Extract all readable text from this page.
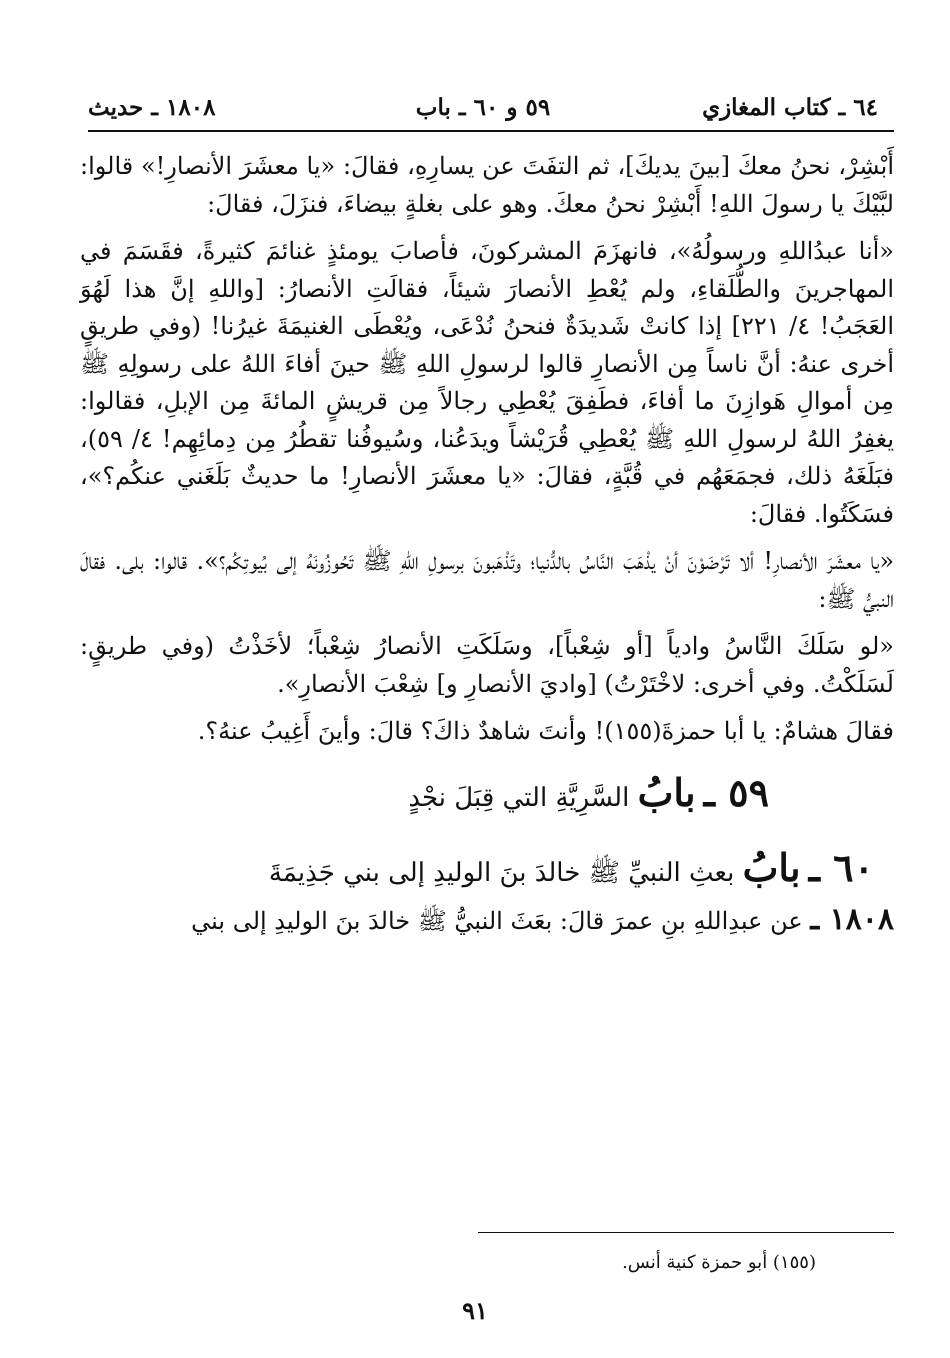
٦٤ ـ كتاب المغازي
٥٩ و ٦٠ ـ باب
١٨٠٨ ـ حديث

أَبْشِرْ، نحنُ معكَ [بينَ يديكَ]، ثم التفَتَ عن يسارِهِ، فقالَ: «يا معشَرَ الأنصارِ!» قالوا: لبَّيْكَ يا رسولَ اللهِ! أَبْشِرْ نحنُ معكَ. وهو على بغلةٍ بيضاءَ، فنزَلَ، فقالَ:

«أنا عبدُاللهِ ورسولُهُ»، فانهزَمَ المشركونَ، فأصابَ يومئذٍ غنائمَ كثيرةً، فقَسَمَ في المهاجرينَ والطُّلَقاءِ، ولم يُعْطِ الأنصارَ شيئاً، فقالَتِ الأنصارُ: [واللهِ إنَّ هذا لَهُوَ العَجَبُ! ٤/ ٢٢١] إذا كانتْ شَديدَةٌ فنحنُ نُدْعَى، ويُعْطَى الغنيمَةَ غيرُنا! (وفي طريقٍ أخرى عنهُ: أنَّ ناساً مِن الأنصارِ قالوا لرسولِ اللهِ ﷺ حينَ أفاءَ اللهُ على رسولِهِ ﷺ مِن أموالِ هَوازِنَ ما أفاءَ، فطَفِقَ يُعْطِي رجالاً مِن قريشٍ المائةَ مِن الإبلِ، فقالوا: يغفِرُ اللهُ لرسولِ اللهِ ﷺ يُعْطِي قُرَيْشاً ويدَعُنا، وسُيوفُنا تقطُرُ مِن دِمائِهِم! ٤/ ٥٩)، فبَلَغَهُ ذلك، فجمَعَهُم في قُبَّةٍ، فقالَ: «يا معشَرَ الأنصارِ! ما حديثٌ بَلَغَني عنكُم؟»، فسَكَتُوا. فقالَ:

«يا معشَرَ الأنصارِ! ألا تَرْضَوْنَ أنْ يذْهَبَ النَّاسُ بالدُّنيا؛ وتَذْهَبونَ برسولِ اللهِ ﷺ تَحُوزُونَهُ إلى بُيوتِكُم؟». قالوا: بلى. فقالَ النبيُّ ﷺ:

«لو سَلَكَ النَّاسُ وادياً [أو شِعْباً]، وسَلَكَتِ الأنصارُ شِعْباً؛ لأخَذْتُ (وفي طريقٍ: لَسَلَكْتُ. وفي أخرى: لاخْتَرْتُ) [واديَ الأنصارِ و] شِعْبَ الأنصارِ».

فقالَ هشامٌ: يا أبا حمزةَ(١٥٥)! وأنتَ شاهدٌ ذاكَ؟ قالَ: وأينَ أَغِيبُ عنهُ؟.

٥٩ ـ بابُ السَّرِيَّةِ التي قِبَلَ نجْدٍ
٦٠ ـ بابُ بعثِ النبيِّ ﷺ خالدَ بنَ الوليدِ إلى بني جَذِيمَةَ

١٨٠٨ ـ عن عبدِاللهِ بنِ عمرَ قالَ: بعَثَ النبيُّ ﷺ خالدَ بنَ الوليدِ إلى بني

(١٥٥) أبو حمزة كنية أنس.
٩١
